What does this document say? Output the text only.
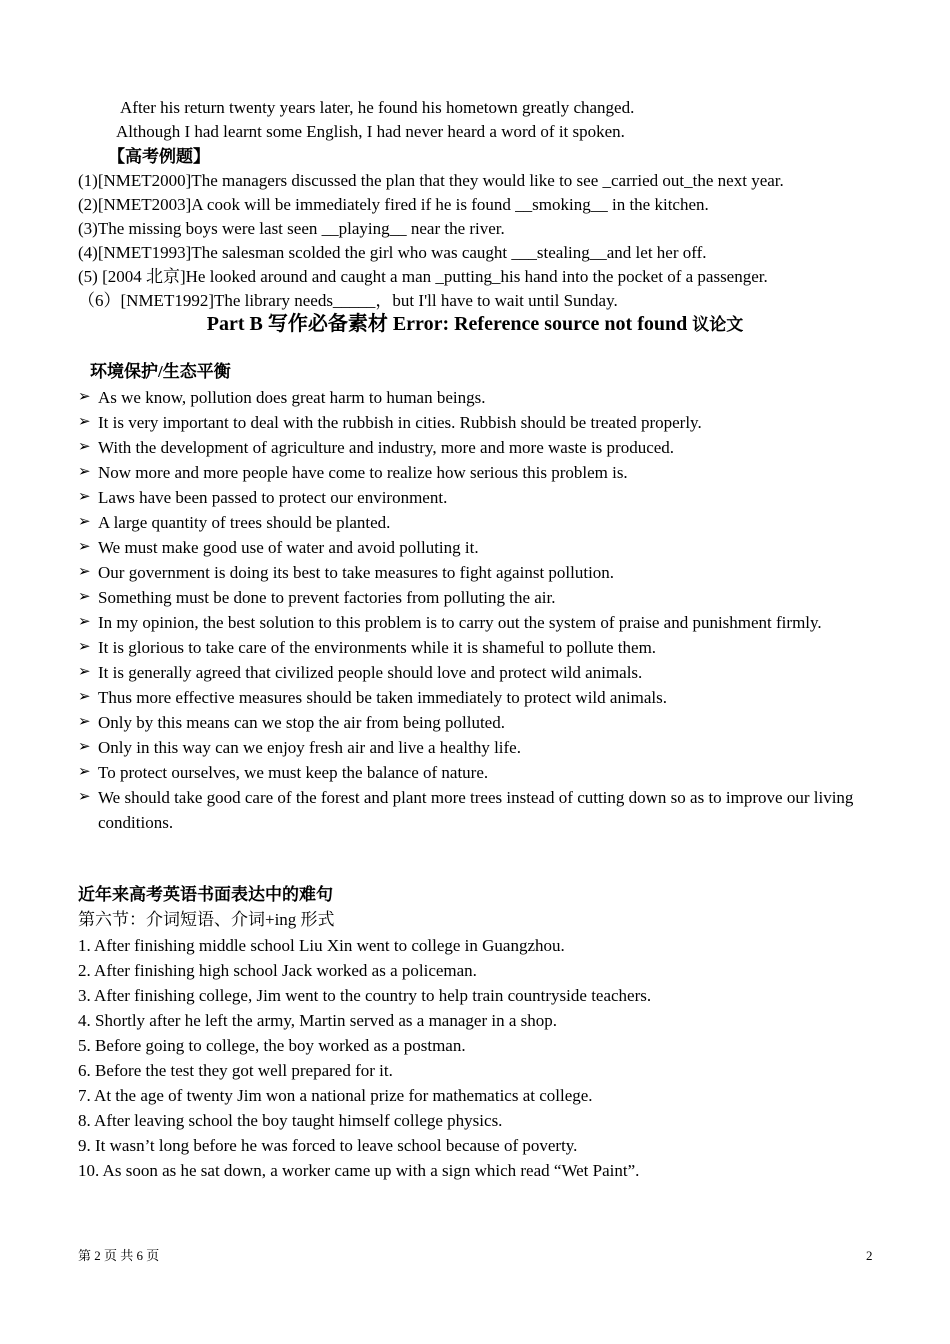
After his return twenty years later, he found his hometown greatly changed.
Although I had learnt some English, I had never heard a word of it spoken.
【高考例题】
(1)[NMET2000]The managers discussed the plan that they would like to see _carried out_the next year.
(2)[NMET2003]A cook will be immediately fired if he is found __smoking__ in the kitchen.
(3)The missing boys were last seen __playing__ near the river.
(4)[NMET1993]The salesman scolded the girl who was caught ___stealing__and let her off.
(5) [2004 北京]He looked around and caught a man _putting_his hand into the pocket of a passenger.
（6）[NMET1992]The library needs_____，but I'll have to wait until Sunday.
Part B 写作必备素材 Error: Reference source not found 议论文
环境保护/生态平衡
➢ As we know, pollution does great harm to human beings.
➢ It is very important to deal with the rubbish in cities. Rubbish should be treated properly.
➢ With the development of agriculture and industry, more and more waste is produced.
➢ Now more and more people have come to realize how serious this problem is.
➢ Laws have been passed to protect our environment.
➢ A large quantity of trees should be planted.
➢ We must make good use of water and avoid polluting it.
➢ Our government is doing its best to take measures to fight against pollution.
➢ Something must be done to prevent factories from polluting the air.
➢ In my opinion, the best solution to this problem is to carry out the system of praise and punishment firmly.
➢ It is glorious to take care of the environments while it is shameful to pollute them.
➢ It is generally agreed that civilized people should love and protect wild animals.
➢ Thus more effective measures should be taken immediately to protect wild animals.
➢ Only by this means can we stop the air from being polluted.
➢ Only in this way can we enjoy fresh air and live a healthy life.
➢ To protect ourselves, we must keep the balance of nature.
➢ We should take good care of the forest and plant more trees instead of cutting down so as to improve our living conditions.
近年来高考英语书面表达中的难句
第六节：介词短语、介词+ing 形式
1. After finishing middle school Liu Xin went to college in Guangzhou.
2. After finishing high school Jack worked as a policeman.
3. After finishing college, Jim went to the country to help train countryside teachers.
4. Shortly after he left the army, Martin served as a manager in a shop.
5. Before going to college, the boy worked as a postman.
6. Before the test they got well prepared for it.
7. At the age of twenty Jim won a national prize for mathematics at college.
8. After leaving school the boy taught himself college physics.
9. It wasn’t long before he was forced to leave school because of poverty.
10. As soon as he sat down, a worker came up with a sign which read “Wet Paint”.
第 2 页 共 6 页	2
